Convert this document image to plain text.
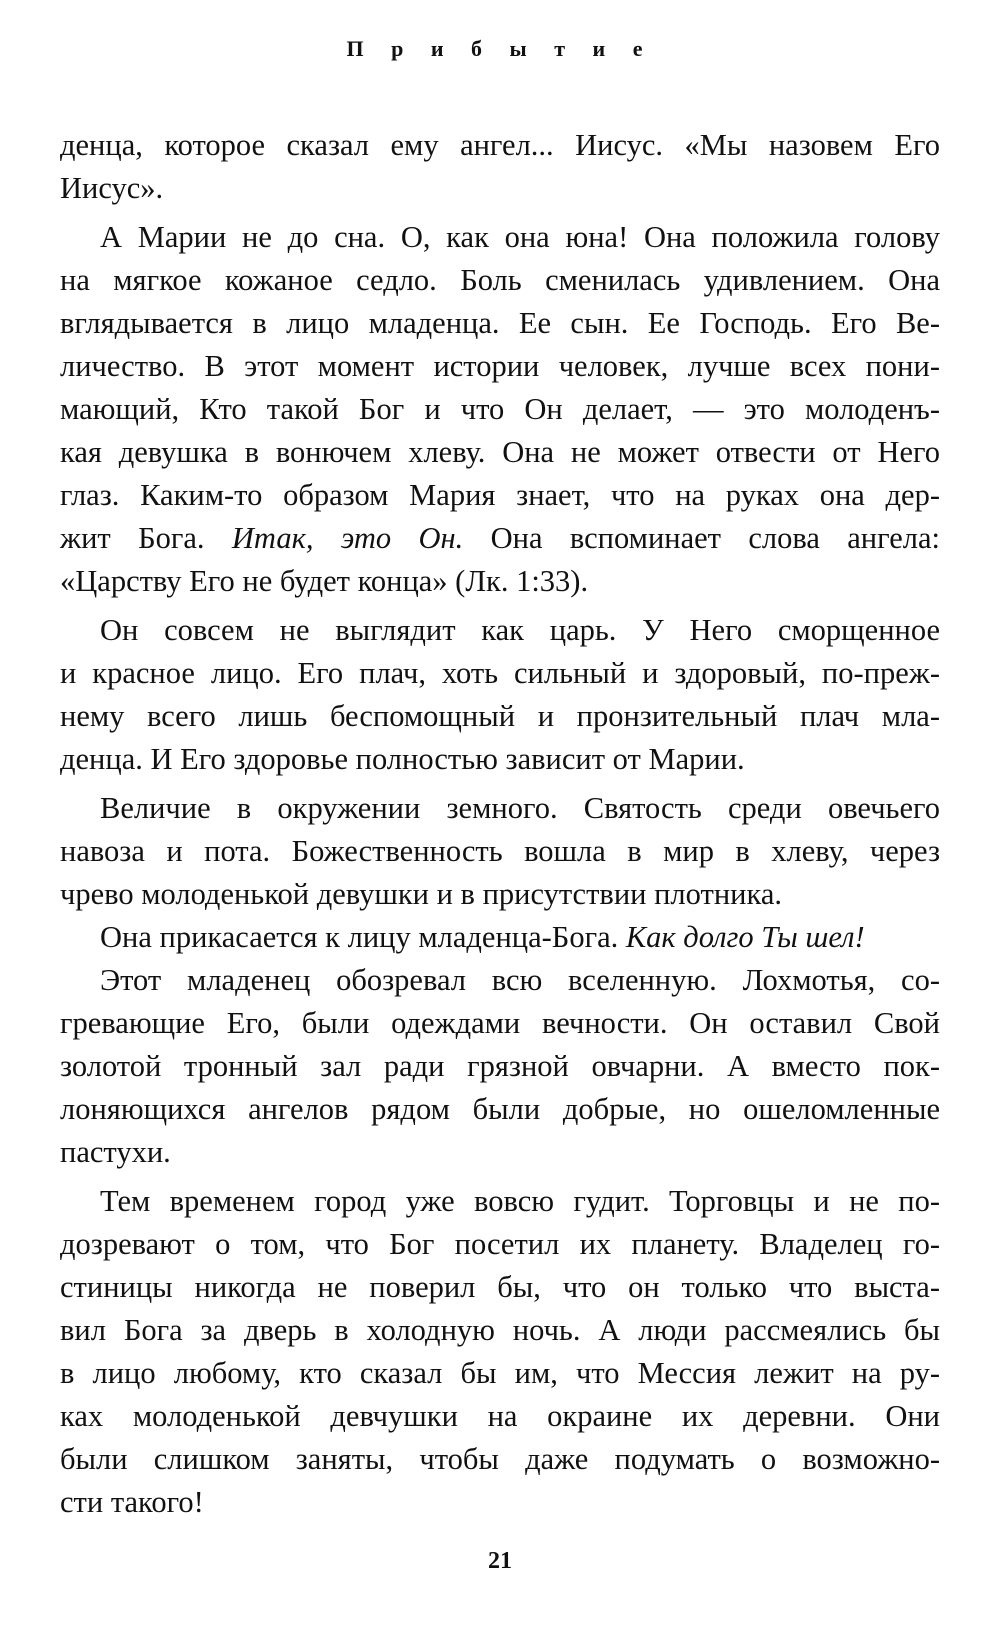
П р и б ы т и е
денца, которое сказал ему ангел... Иисус. «Мы назовем Его
Иисус».
А Марии не до сна. О, как она юна! Она положила голову
на мягкое кожаное седло. Боль сменилась удивлением. Она
вглядывается в лицо младенца. Ее сын. Ее Господь. Его Ве-
личество. В этот момент истории человек, лучше всех пони-
мающий, Кто такой Бог и что Он делает, — это молоденъ-
кая девушка в вонючем хлеву. Она не может отвести от Него
глаз. Каким-то образом Мария знает, что на руках она дер-
жит Бога. Итак, это Он. Она вспоминает слова ангела:
«Царству Его не будет конца» (Лк. 1:33).
Он совсем не выглядит как царь. У Него сморщенное
и красное лицо. Его плач, хоть сильный и здоровый, по-преж-
нему всего лишь беспомощный и пронзительный плач мла-
денца. И Его здоровье полностью зависит от Марии.
Величие в окружении земного. Святость среди овечьего
навоза и пота. Божественность вошла в мир в хлеву, через
чрево молоденькой девушки и в присутствии плотника.
Она прикасается к лицу младенца-Бога. Как долго Ты шел!
Этот младенец обозревал всю вселенную. Лохмотья, со-
гревающие Его, были одеждами вечности. Он оставил Свой
золотой тронный зал ради грязной овчарни. А вместо пок-
лоняющихся ангелов рядом были добрые, но ошеломленные
пастухи.
Тем временем город уже вовсю гудит. Торговцы и не по-
дозревают о том, что Бог посетил их планету. Владелец го-
стиницы никогда не поверил бы, что он только что выста-
вил Бога за дверь в холодную ночь. А люди рассмеялись бы
в лицо любому, кто сказал бы им, что Мессия лежит на ру-
ках молоденькой девчушки на окраине их деревни. Они
были слишком заняты, чтобы даже подумать о возможно-
сти такого!
21
